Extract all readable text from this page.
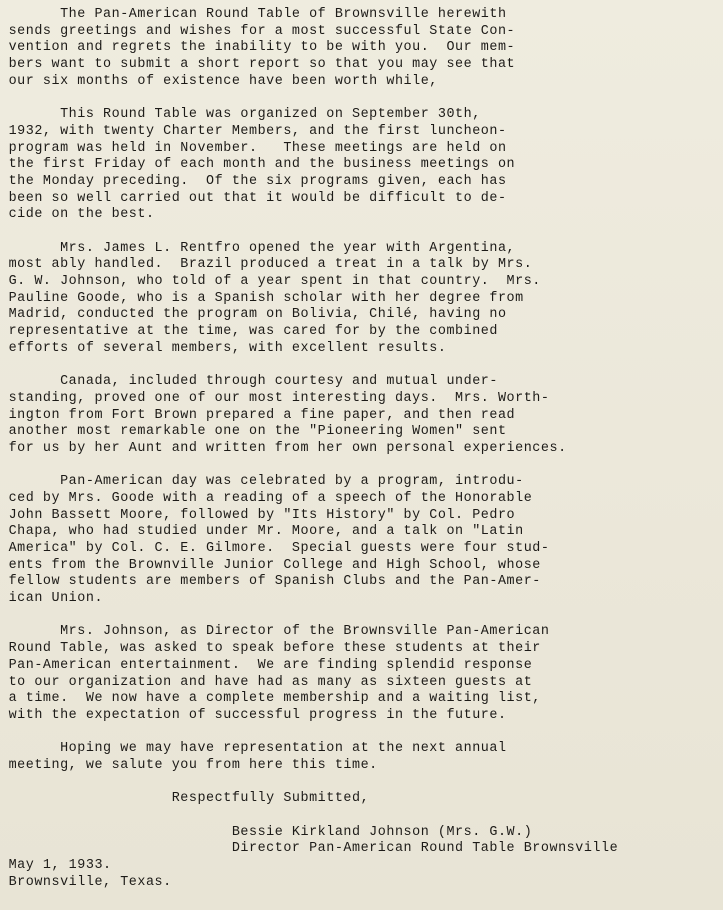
The Pan-American Round Table of Brownsville herewith
sends greetings and wishes for a most successful State Con-
vention and regrets the inability to be with you.  Our mem-
bers want to submit a short report so that you may see that
our six months of existence have been worth while,
This Round Table was organized on September 30th,
1932, with twenty Charter Members, and the first luncheon-
program was held in November.   These meetings are held on
the first Friday of each month and the business meetings on
the Monday preceding.  Of the six programs given, each has
been so well carried out that it would be difficult to de-
cide on the best.
Mrs. James L. Rentfro opened the year with Argentina,
most ably handled.  Brazil produced a treat in a talk by Mrs.
G. W. Johnson, who told of a year spent in that country.  Mrs.
Pauline Goode, who is a Spanish scholar with her degree from
Madrid, conducted the program on Bolivia, Chilé, having no
representative at the time, was cared for by the combined
efforts of several members, with excellent results.
Canada, included through courtesy and mutual under-
standing, proved one of our most interesting days.  Mrs. Worth-
ington from Fort Brown prepared a fine paper, and then read
another most remarkable one on the "Pioneering Women" sent
for us by her Aunt and written from her own personal experiences.
Pan-American day was celebrated by a program, introdu-
ced by Mrs. Goode with a reading of a speech of the Honorable
John Bassett Moore, followed by "Its History" by Col. Pedro
Chapa, who had studied under Mr. Moore, and a talk on "Latin
America" by Col. C. E. Gilmore.  Special guests were four stud-
ents from the Brownville Junior College and High School, whose
fellow students are members of Spanish Clubs and the Pan-Amer-
ican Union.
Mrs. Johnson, as Director of the Brownsville Pan-American
Round Table, was asked to speak before these students at their
Pan-American entertainment.  We are finding splendid response
to our organization and have had as many as sixteen guests at
a time.  We now have a complete membership and a waiting list,
with the expectation of successful progress in the future.
Hoping we may have representation at the next annual
meeting, we salute you from here this time.
Respectfully Submitted,
Bessie Kirkland Johnson (Mrs. G.W.)
Director Pan-American Round Table Brownsville
May 1, 1933.
Brownsville, Texas.
